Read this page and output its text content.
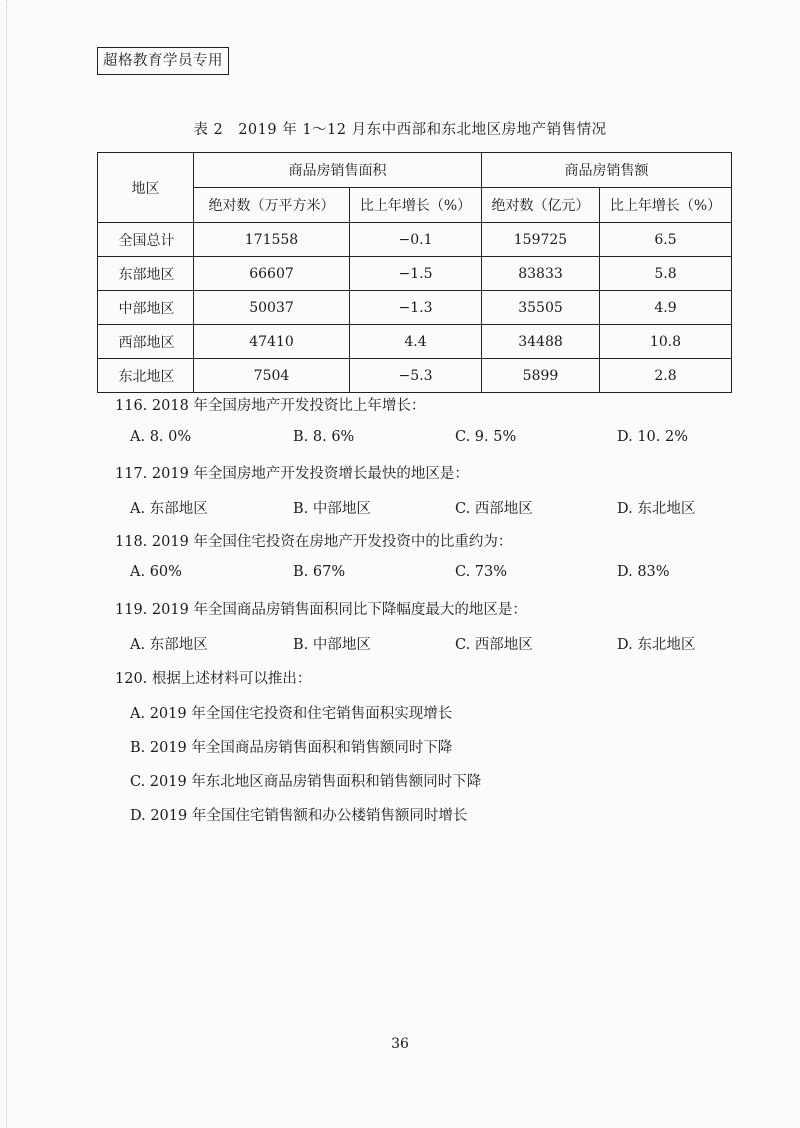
超格教育学员专用
表 2　2019 年 1～12 月东中西部和东北地区房地产销售情况
地区	商品房销售面积		商品房销售额	
	绝对数（万平方米）	比上年增长（%）	绝对数（亿元）	比上年增长（%）
全国总计	171558	−0.1	159725	6.5
东部地区	66607	−1.5	83833	5.8
中部地区	50037	−1.3	35505	4.9
西部地区	47410	4.4	34488	10.8
东北地区	7504	−5.3	5899	2.8
116. 2018 年全国房地产开发投资比上年增长：
A. 8. 0%	B. 8. 6%	C. 9. 5%	D. 10. 2%
117. 2019 年全国房地产开发投资增长最快的地区是：
A. 东部地区	B. 中部地区	C. 西部地区	D. 东北地区
118. 2019 年全国住宅投资在房地产开发投资中的比重约为：
A. 60%	B. 67%	C. 73%	D. 83%
119. 2019 年全国商品房销售面积同比下降幅度最大的地区是：
A. 东部地区	B. 中部地区	C. 西部地区	D. 东北地区
120. 根据上述材料可以推出：
A. 2019 年全国住宅投资和住宅销售面积实现增长
B. 2019 年全国商品房销售面积和销售额同时下降
C. 2019 年东北地区商品房销售面积和销售额同时下降
D. 2019 年全国住宅销售额和办公楼销售额同时增长
36
